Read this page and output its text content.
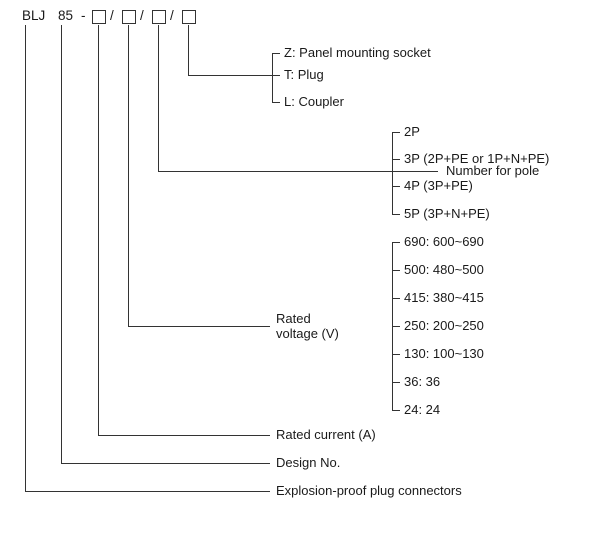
BLJ 85 - / / /
Z: Panel mounting socket
T: Plug
L: Coupler
Number for pole
2P
3P (2P+PE or 1P+N+PE)
4P (3P+PE)
5P (3P+N+PE)
Rated
voltage (V)
690: 600~690
500: 480~500
415: 380~415
250: 200~250
130: 100~130
36: 36
24: 24
Rated current (A)
Design No.
Explosion-proof plug connectors
